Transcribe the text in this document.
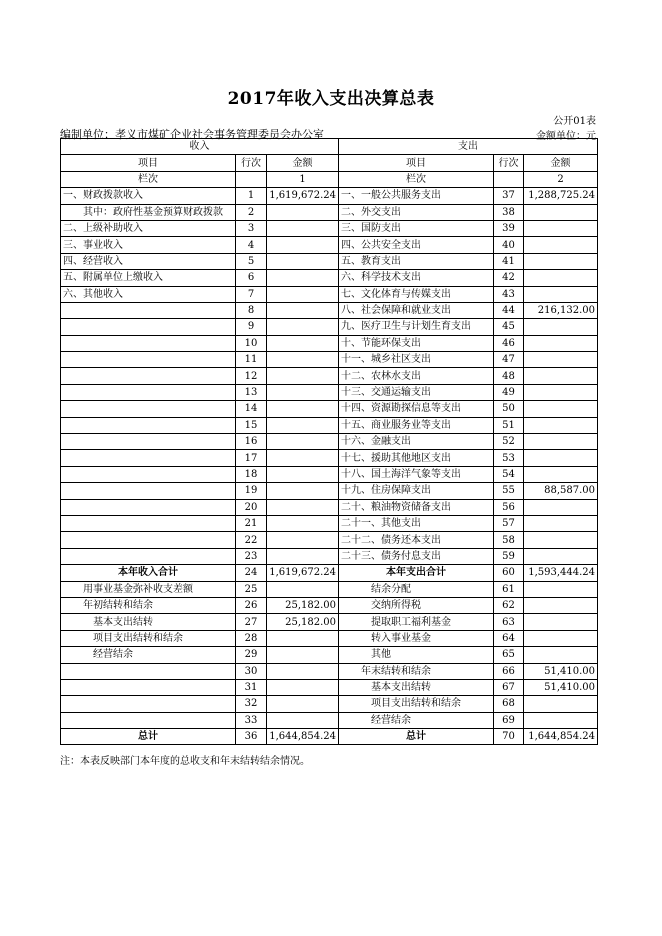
2017年收入支出决算总表
公开01表
编制单位：孝义市煤矿企业社会事务管理委员会办公室	金额单位：元
收入			支出		
项目	行次	金额	项目	行次	金额
栏次		1	栏次		2
一、财政拨款收入	1	1,619,672.24	一、一般公共服务支出	37	1,288,725.24
其中：政府性基金预算财政拨款	2		二、外交支出	38	
二、上级补助收入	3		三、国防支出	39	
三、事业收入	4		四、公共安全支出	40	
四、经营收入	5		五、教育支出	41	
五、附属单位上缴收入	6		六、科学技术支出	42	
六、其他收入	7		七、文化体育与传媒支出	43	
	8		八、社会保障和就业支出	44	216,132.00
	9		九、医疗卫生与计划生育支出	45	
	10		十、节能环保支出	46	
	11		十一、城乡社区支出	47	
	12		十二、农林水支出	48	
	13		十三、交通运输支出	49	
	14		十四、资源勘探信息等支出	50	
	15		十五、商业服务业等支出	51	
	16		十六、金融支出	52	
	17		十七、援助其他地区支出	53	
	18		十八、国土海洋气象等支出	54	
	19		十九、住房保障支出	55	88,587.00
	20		二十、粮油物资储备支出	56	
	21		二十一、其他支出	57	
	22		二十二、债务还本支出	58	
	23		二十三、债务付息支出	59	
本年收入合计	24	1,619,672.24	本年支出合计	60	1,593,444.24
用事业基金弥补收支差额	25		结余分配	61	
年初结转和结余	26	25,182.00	交纳所得税	62	
基本支出结转	27	25,182.00	提取职工福利基金	63	
项目支出结转和结余	28		转入事业基金	64	
经营结余	29		其他	65	
	30		年末结转和结余	66	51,410.00
	31		基本支出结转	67	51,410.00
	32		项目支出结转和结余	68	
	33		经营结余	69	
总计	36	1,644,854.24	总计	70	1,644,854.24
注：本表反映部门本年度的总收支和年末结转结余情况。
